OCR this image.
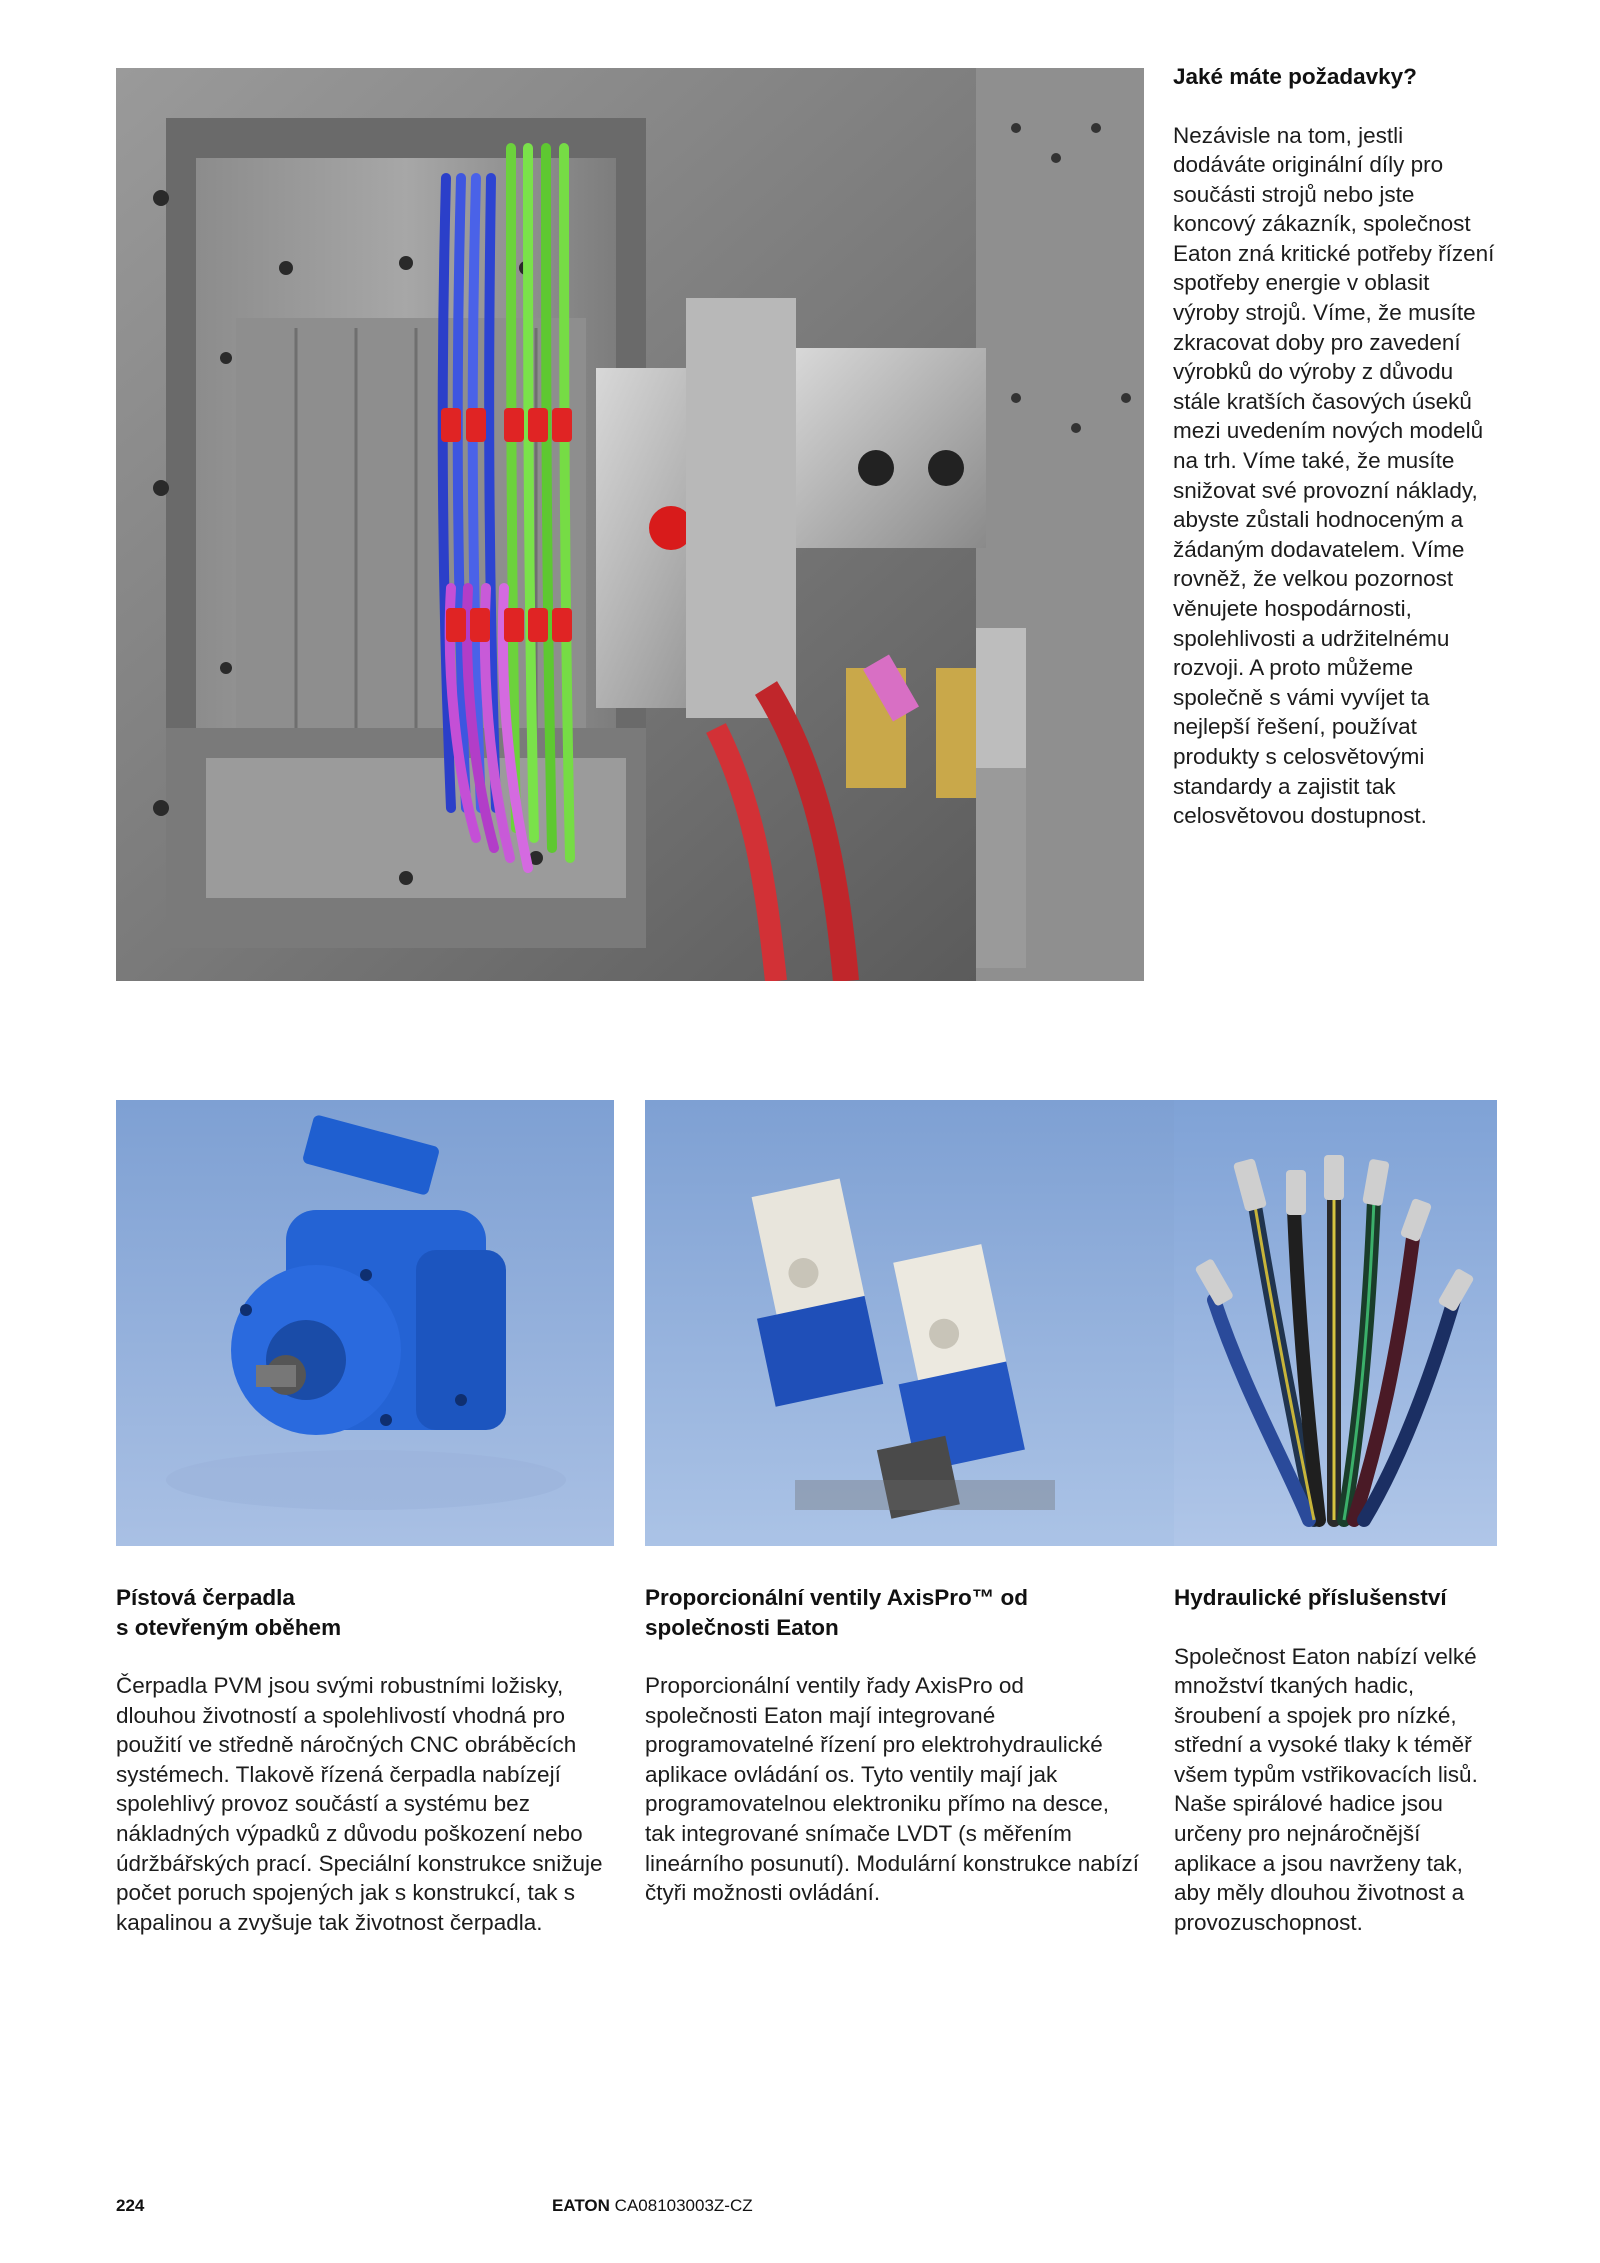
Jaké máte požadavky?

Nezávisle na tom, jestli dodáváte originální díly pro součásti strojů nebo jste koncový zákazník, společnost Eaton zná kritické potřeby řízení spotřeby energie v oblasit výroby strojů. Víme, že musíte zkracovat doby pro zavedení výrobků do výroby z důvodu stále kratších časových úseků mezi uvedením nových modelů na trh. Víme také, že musíte snižovat své provozní náklady, abyste zůstali hodnoceným a žádaným dodavatelem. Víme rovněž, že velkou pozornost věnujete hospodárnosti, spolehlivosti a udržitelnému rozvoji. A proto můžeme společně s vámi vyvíjet ta nejlepší řešení, používat produkty s celosvětovými standardy a zajistit tak celosvětovou dostupnost.

Pístová čerpadla
s otevřeným oběhem

Čerpadla PVM jsou svými robustními ložisky, dlouhou životností a spolehlivostí vhodná pro použití ve středně náročných CNC obráběcích systémech. Tlakově řízená čerpadla nabízejí spolehlivý provoz součástí a systému bez nákladných výpadků z důvodu poškození nebo údržbářských prací. Speciální konstrukce snižuje počet poruch spojených jak s konstrukcí, tak s kapalinou a zvyšuje tak životnost čerpadla.

Proporcionální ventily AxisPro™ od
společnosti Eaton

Proporcionální ventily řady AxisPro od společnosti Eaton mají integrované programovatelné řízení pro elektrohydraulické aplikace ovládání os. Tyto ventily mají jak programovatelnou elektroniku přímo na desce, tak integrované snímače LVDT (s měřením lineárního posunutí). Modulární konstrukce nabízí čtyři možnosti ovládání.

Hydraulické příslušenství

Společnost Eaton nabízí velké množství tkaných hadic, šroubení a spojek pro nízké, střední a vysoké tlaky k téměř všem typům vstřikovacích lisů. Naše spirálové hadice jsou určeny pro nejnáročnější aplikace a jsou navrženy tak, aby měly dlouhou životnost a provozuschopnost.

224	EATON CA08103003Z-CZ
